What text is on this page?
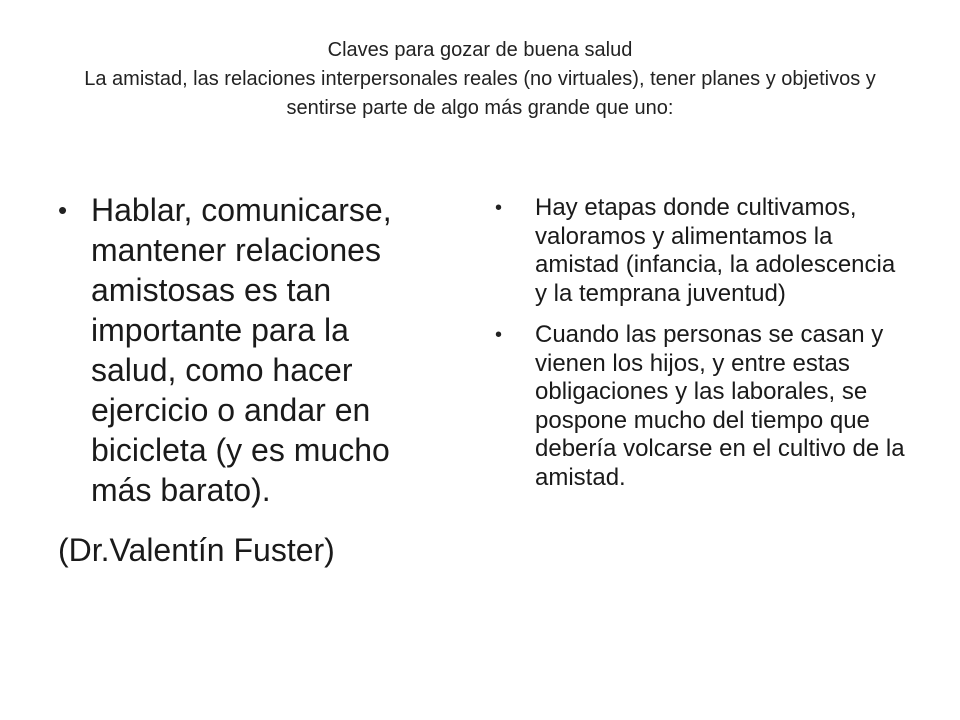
Claves para gozar de buena salud
La amistad, las relaciones interpersonales reales (no virtuales), tener planes y objetivos y sentirse parte de algo más grande que uno:
• Hablar, comunicarse, mantener relaciones amistosas es tan importante para la salud, como hacer ejercicio o andar en bicicleta (y es mucho más barato).
(Dr.Valentín Fuster)
• Hay etapas donde cultivamos, valoramos y alimentamos la amistad (infancia, la adolescencia y la temprana juventud)
• Cuando las personas se casan y vienen los hijos, y entre estas obligaciones y las laborales, se pospone mucho del tiempo que debería volcarse en el cultivo de la amistad.
